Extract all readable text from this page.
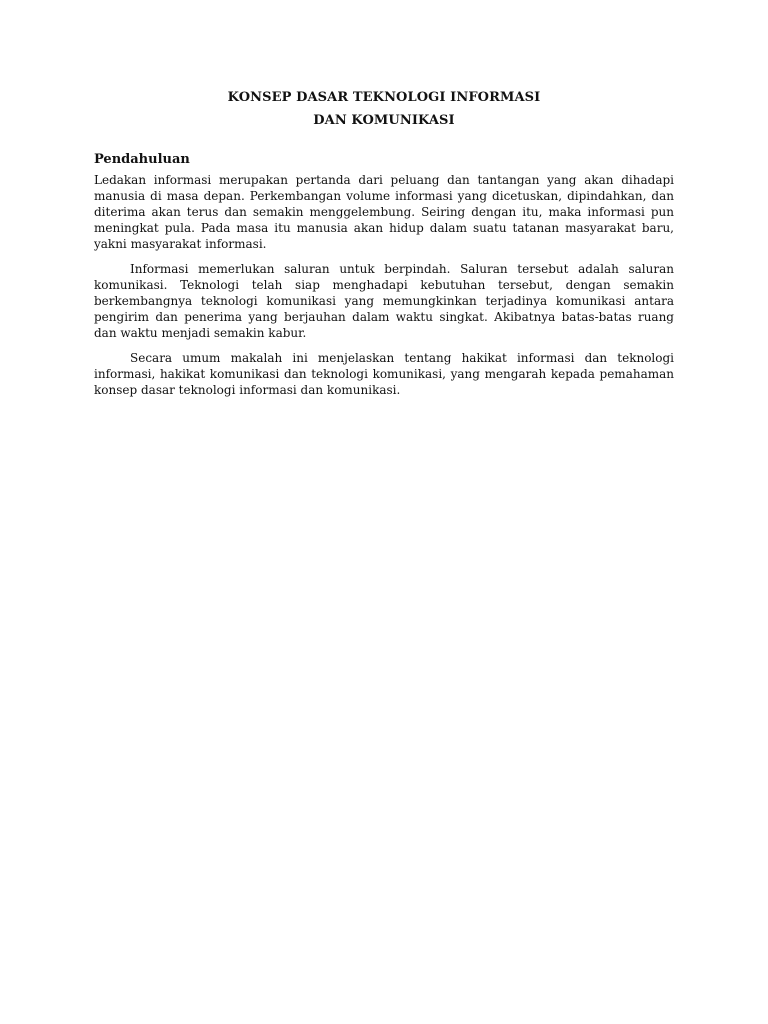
KONSEP DASAR TEKNOLOGI INFORMASI
DAN KOMUNIKASI
Pendahuluan

Ledakan informasi merupakan pertanda dari peluang dan tantangan yang akan dihadapi manusia di masa depan. Perkembangan volume informasi yang dicetuskan, dipindahkan, dan diterima akan terus dan semakin menggelembung. Seiring dengan itu, maka informasi pun meningkat pula. Pada masa itu manusia akan hidup dalam suatu tatanan masyarakat baru, yakni masyarakat informasi.

Informasi memerlukan saluran untuk berpindah. Saluran tersebut adalah saluran komunikasi. Teknologi telah siap menghadapi kebutuhan tersebut, dengan semakin berkembangnya teknologi komunikasi yang memungkinkan terjadinya komunikasi antara pengirim dan penerima yang berjauhan dalam waktu singkat. Akibatnya batas-batas ruang dan waktu menjadi semakin kabur.

Secara umum makalah ini menjelaskan tentang hakikat informasi dan teknologi informasi, hakikat komunikasi dan teknologi komunikasi, yang mengarah kepada pemahaman konsep dasar teknologi informasi dan komunikasi.
